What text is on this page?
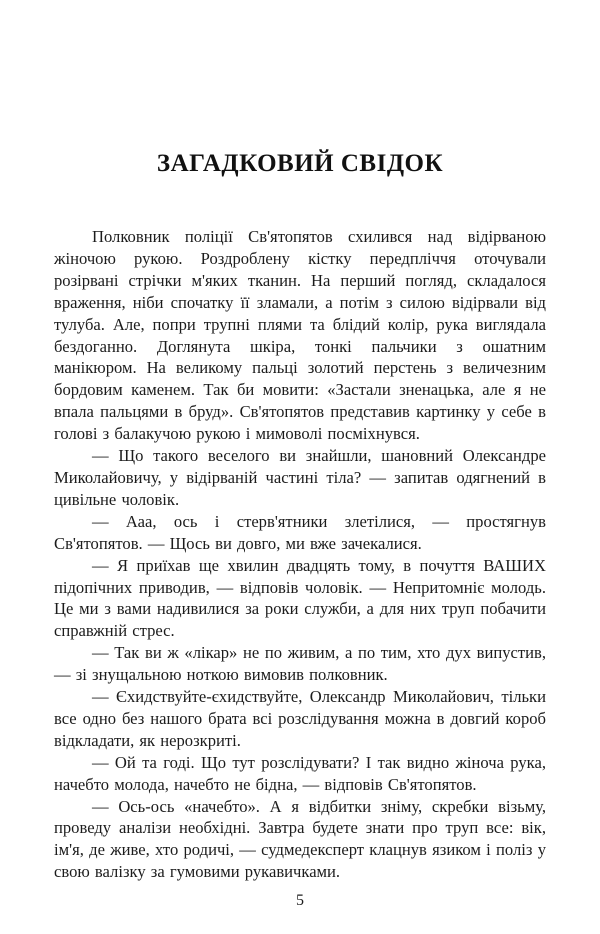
ЗАГАДКОВИЙ СВІДОК

Полковник поліції Св'ятопятов схилився над відірваною жіночою рукою. Роздроблену кістку передпліччя оточували розірвані стрічки м'яких тканин. На перший погляд, складалося враження, ніби спочатку її зламали, а потім з силою відірвали від тулуба. Але, попри трупні плями та блідий колір, рука виглядала бездоганно. Доглянута шкіра, тонкі пальчики з ошатним манікюром. На великому пальці золотий перстень з величезним бордовим каменем. Так би мовити: «Застали зненацька, але я не впала пальцями в бруд». Св'ятопятов представив картинку у себе в голові з балакучою рукою і мимоволі посміхнувся.

— Що такого веселого ви знайшли, шановний Олександре Миколайовичу, у відірваній частині тіла? — запитав одягнений в цивільне чоловік.

— Ааа, ось і стерв'ятники злетілися, — простягнув Св'ятопятов. — Щось ви довго, ми вже зачекалися.

— Я приїхав ще хвилин двадцять тому, в почуття ВАШИХ підопічних приводив, — відповів чоловік. — Непритомніє молодь. Це ми з вами надивилися за роки служби, а для них труп побачити справжній стрес.

— Так ви ж «лікар» не по живим, а по тим, хто дух випустив, — зі знущальною ноткою вимовив полковник.

— Єхидствуйте-єхидствуйте, Олександр Миколайович, тільки все одно без нашого брата всі розслідування можна в довгий короб відкладати, як нерозкриті.

— Ой та годі. Що тут розслідувати? І так видно жіноча рука, начебто молода, начебто не бідна, — відповів Св'ятопятов.

— Ось-ось «начебто». А я відбитки зніму, скребки візьму, проведу аналізи необхідні. Завтра будете знати про труп все: вік, ім'я, де живе, хто родичі, — судмедексперт клацнув язиком і поліз у свою валізку за гумовими рукавичками.

5
